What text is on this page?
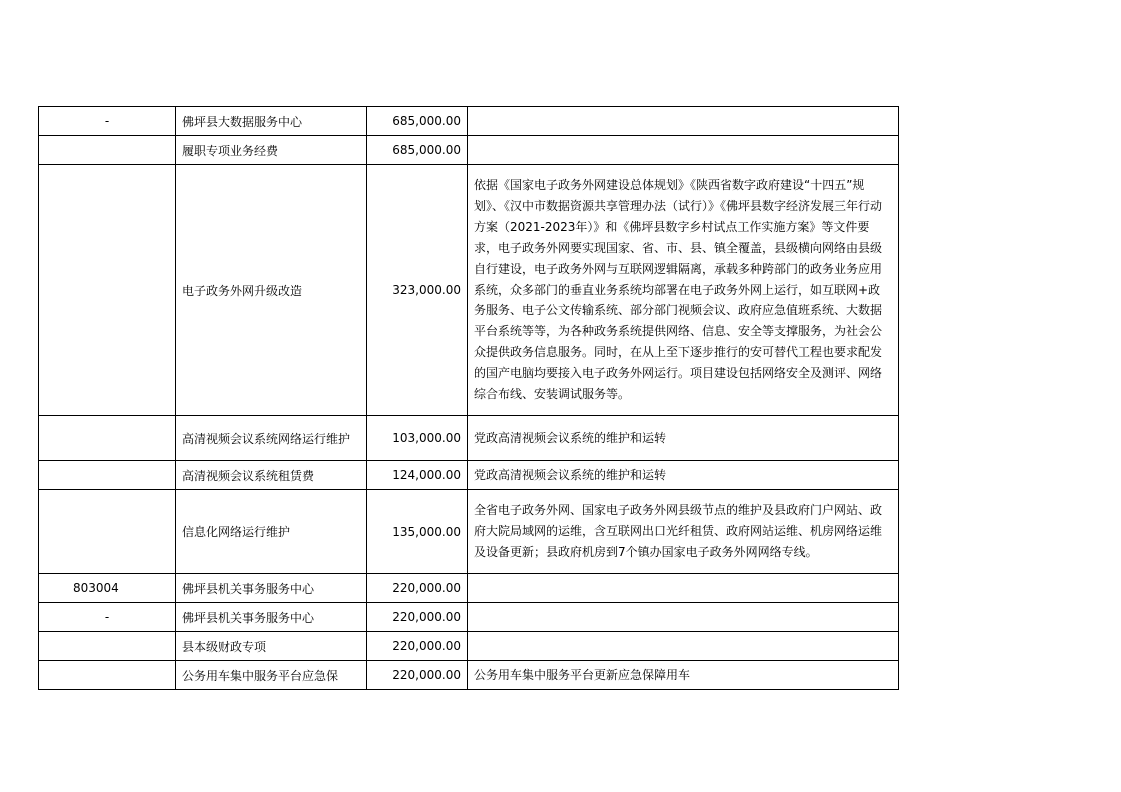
-	佛坪县大数据服务中心	685,000.00	
	履职专项业务经费	685,000.00	
	电子政务外网升级改造	323,000.00	依据《国家电子政务外网建设总体规划》《陕西省数字政府建设“十四五”规划》、《汉中市数据资源共享管理办法（试行）》《佛坪县数字经济发展三年行动方案（2021-2023年）》和《佛坪县数字乡村试点工作实施方案》等文件要求，电子政务外网要实现国家、省、市、县、镇全覆盖，县级横向网络由县级自行建设，电子政务外网与互联网逻辑隔离，承载多种跨部门的政务业务应用系统，众多部门的垂直业务系统均部署在电子政务外网上运行，如互联网+政务服务、电子公文传输系统、部分部门视频会议、政府应急值班系统、大数据平台系统等等，为各种政务系统提供网络、信息、安全等支撑服务，为社会公众提供政务信息服务。同时，在从上至下逐步推行的安可替代工程也要求配发的国产电脑均要接入电子政务外网运行。项目建设包括网络安全及测评、网络综合布线、安装调试服务等。
	高清视频会议系统网络运行维护	103,000.00	党政高清视频会议系统的维护和运转
	高清视频会议系统租赁费	124,000.00	党政高清视频会议系统的维护和运转
	信息化网络运行维护	135,000.00	全省电子政务外网、国家电子政务外网县级节点的维护及县政府门户网站、政府大院局域网的运维，含互联网出口光纤租赁、政府网站运维、机房网络运维及设备更新；县政府机房到7个镇办国家电子政务外网网络专线。
803004	佛坪县机关事务服务中心	220,000.00	
-	佛坪县机关事务服务中心	220,000.00	
	县本级财政专项	220,000.00	
	公务用车集中服务平台应急保	220,000.00	公务用车集中服务平台更新应急保障用车
